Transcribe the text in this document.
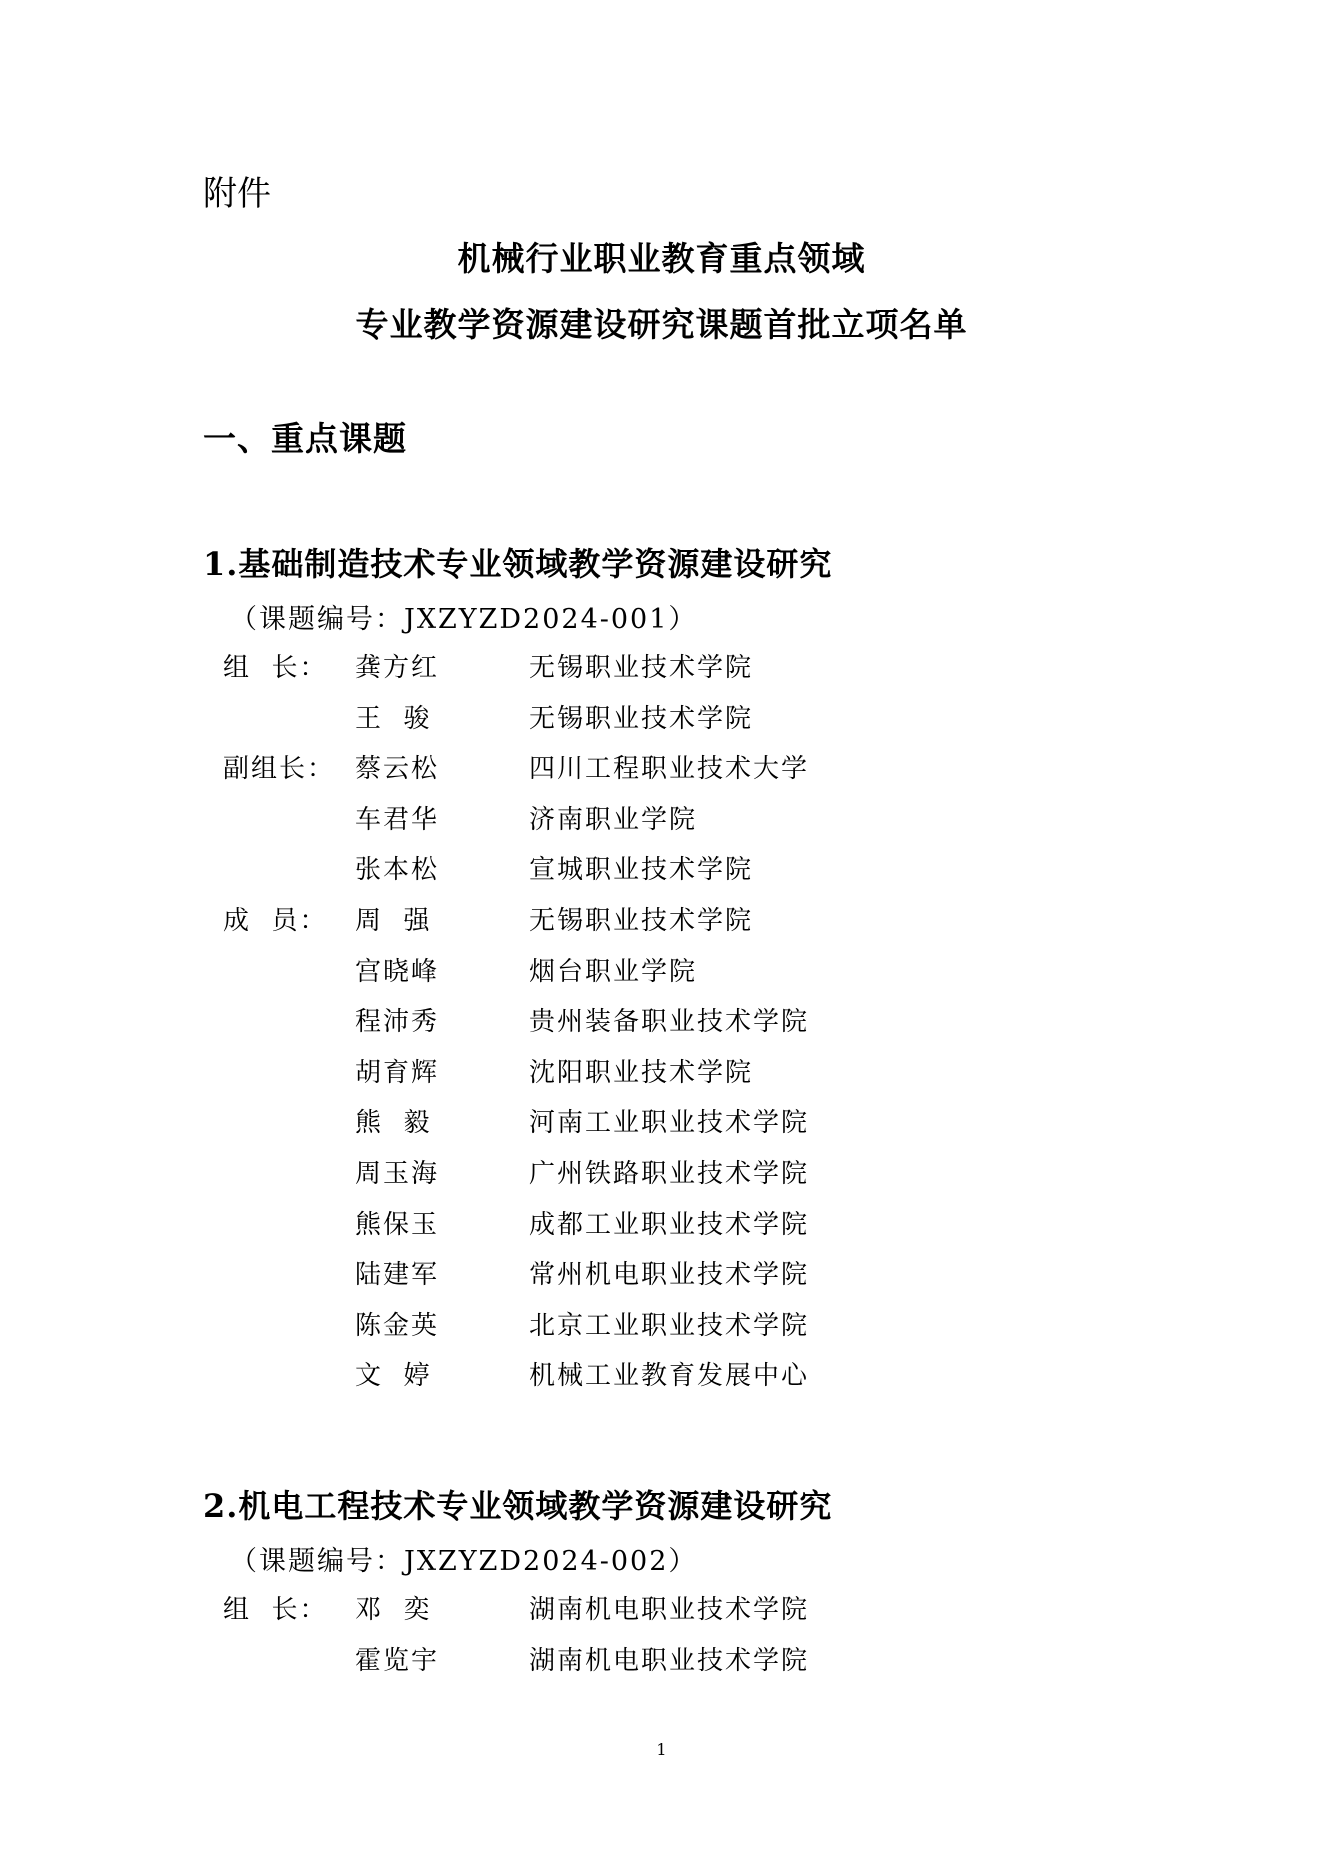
附件
机械行业职业教育重点领域
专业教学资源建设研究课题首批立项名单
一、重点课题
1.基础制造技术专业领域教学资源建设研究
（课题编号：JXZYZD2024-001）
组  长：	龚方红	无锡职业技术学院
王  骏	无锡职业技术学院
副组长： 蔡云松	四川工程职业技术大学
车君华	济南职业学院
张本松	宣城职业技术学院
成  员：	周  强	无锡职业技术学院
宫晓峰	烟台职业学院
程沛秀	贵州装备职业技术学院
胡育辉	沈阳职业技术学院
熊  毅	河南工业职业技术学院
周玉海	广州铁路职业技术学院
熊保玉	成都工业职业技术学院
陆建军	常州机电职业技术学院
陈金英	北京工业职业技术学院
文  婷	机械工业教育发展中心
2.机电工程技术专业领域教学资源建设研究
（课题编号：JXZYZD2024-002）
组  长：	邓  奕	湖南机电职业技术学院
霍览宇	湖南机电职业技术学院
1
